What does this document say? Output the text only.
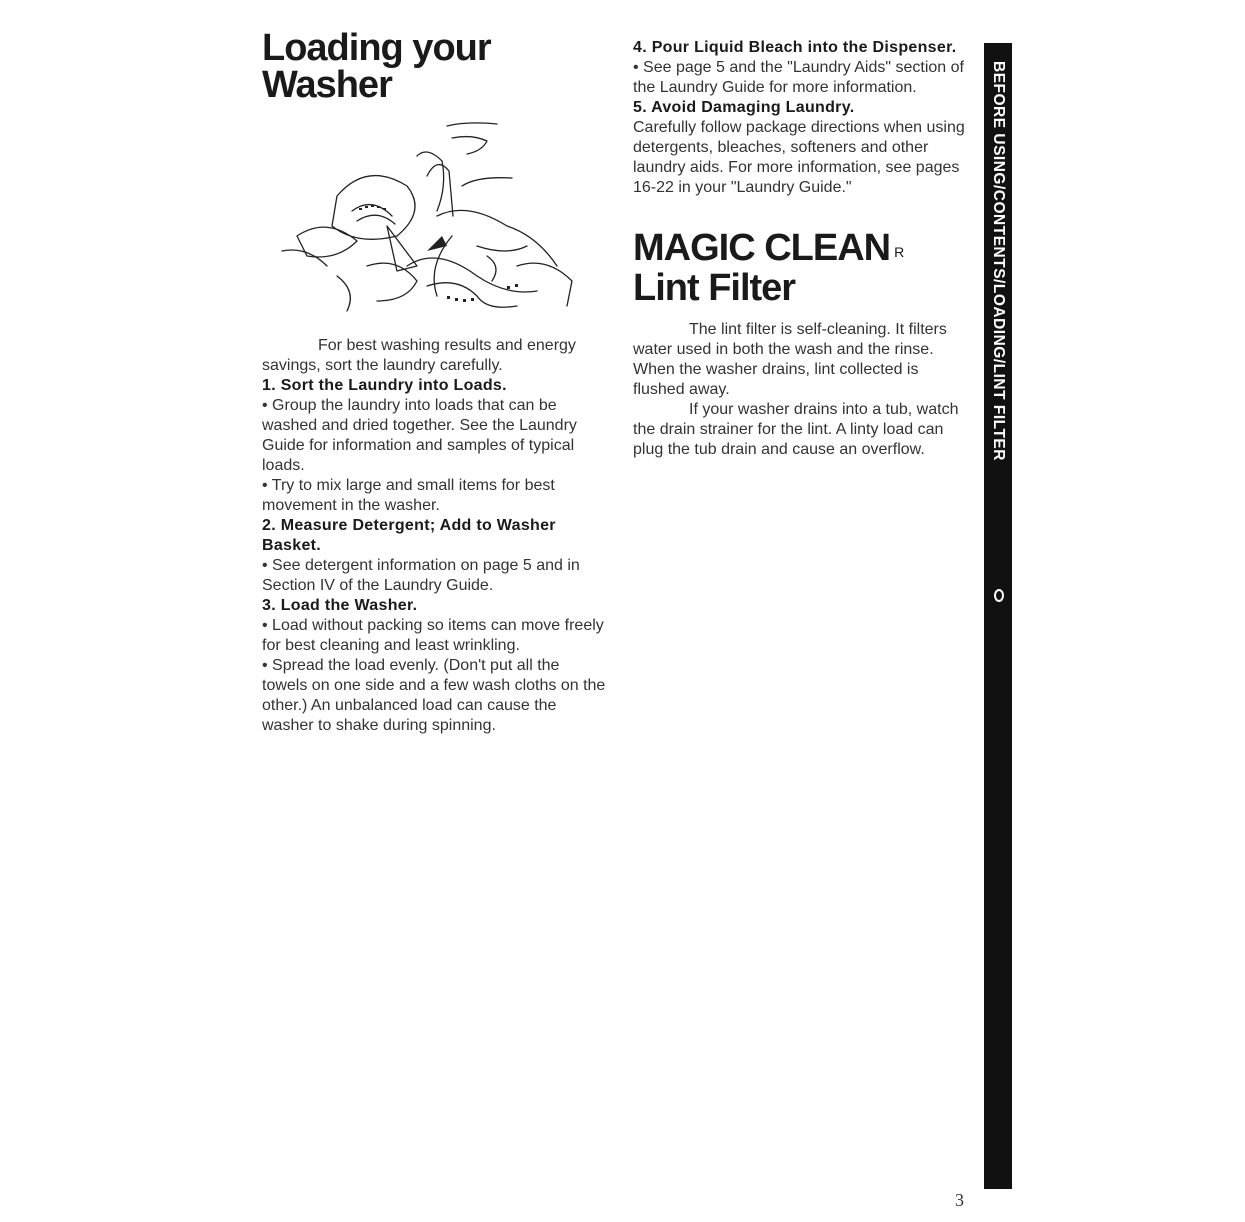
Loading your
Washer

For best washing results and energy savings, sort the laundry carefully.

1. Sort the Laundry into Loads.

• Group the laundry into loads that can be washed and dried together. See the Laundry Guide for information and samples of typical loads.

• Try to mix large and small items for best movement in the washer.

2. Measure Detergent; Add to Washer Basket.

• See detergent information on page 5 and in Section IV of the Laundry Guide.

3. Load the Washer.

• Load without packing so items can move freely for best cleaning and least wrinkling.

• Spread the load evenly. (Don't put all the towels on one side and a few wash cloths on the other.) An unbalanced load can cause the washer to shake during spinning.

4. Pour Liquid Bleach into the Dispenser.

• See page 5 and the "Laundry Aids" section of the Laundry Guide for more information.

5. Avoid Damaging Laundry.

Carefully follow package directions when using detergents, bleaches, softeners and other laundry aids. For more information, see pages 16-22 in your "Laundry Guide."

MAGIC CLEAN $^R$
Lint Filter

The lint filter is self-cleaning. It filters water used in both the wash and the rinse. When the washer drains, lint collected is flushed away.

If your washer drains into a tub, watch the drain strainer for the lint. A linty load can plug the tub drain and cause an overflow.	BEFORE USING/CONTENTS/LOADING/LINT FILTER
3
